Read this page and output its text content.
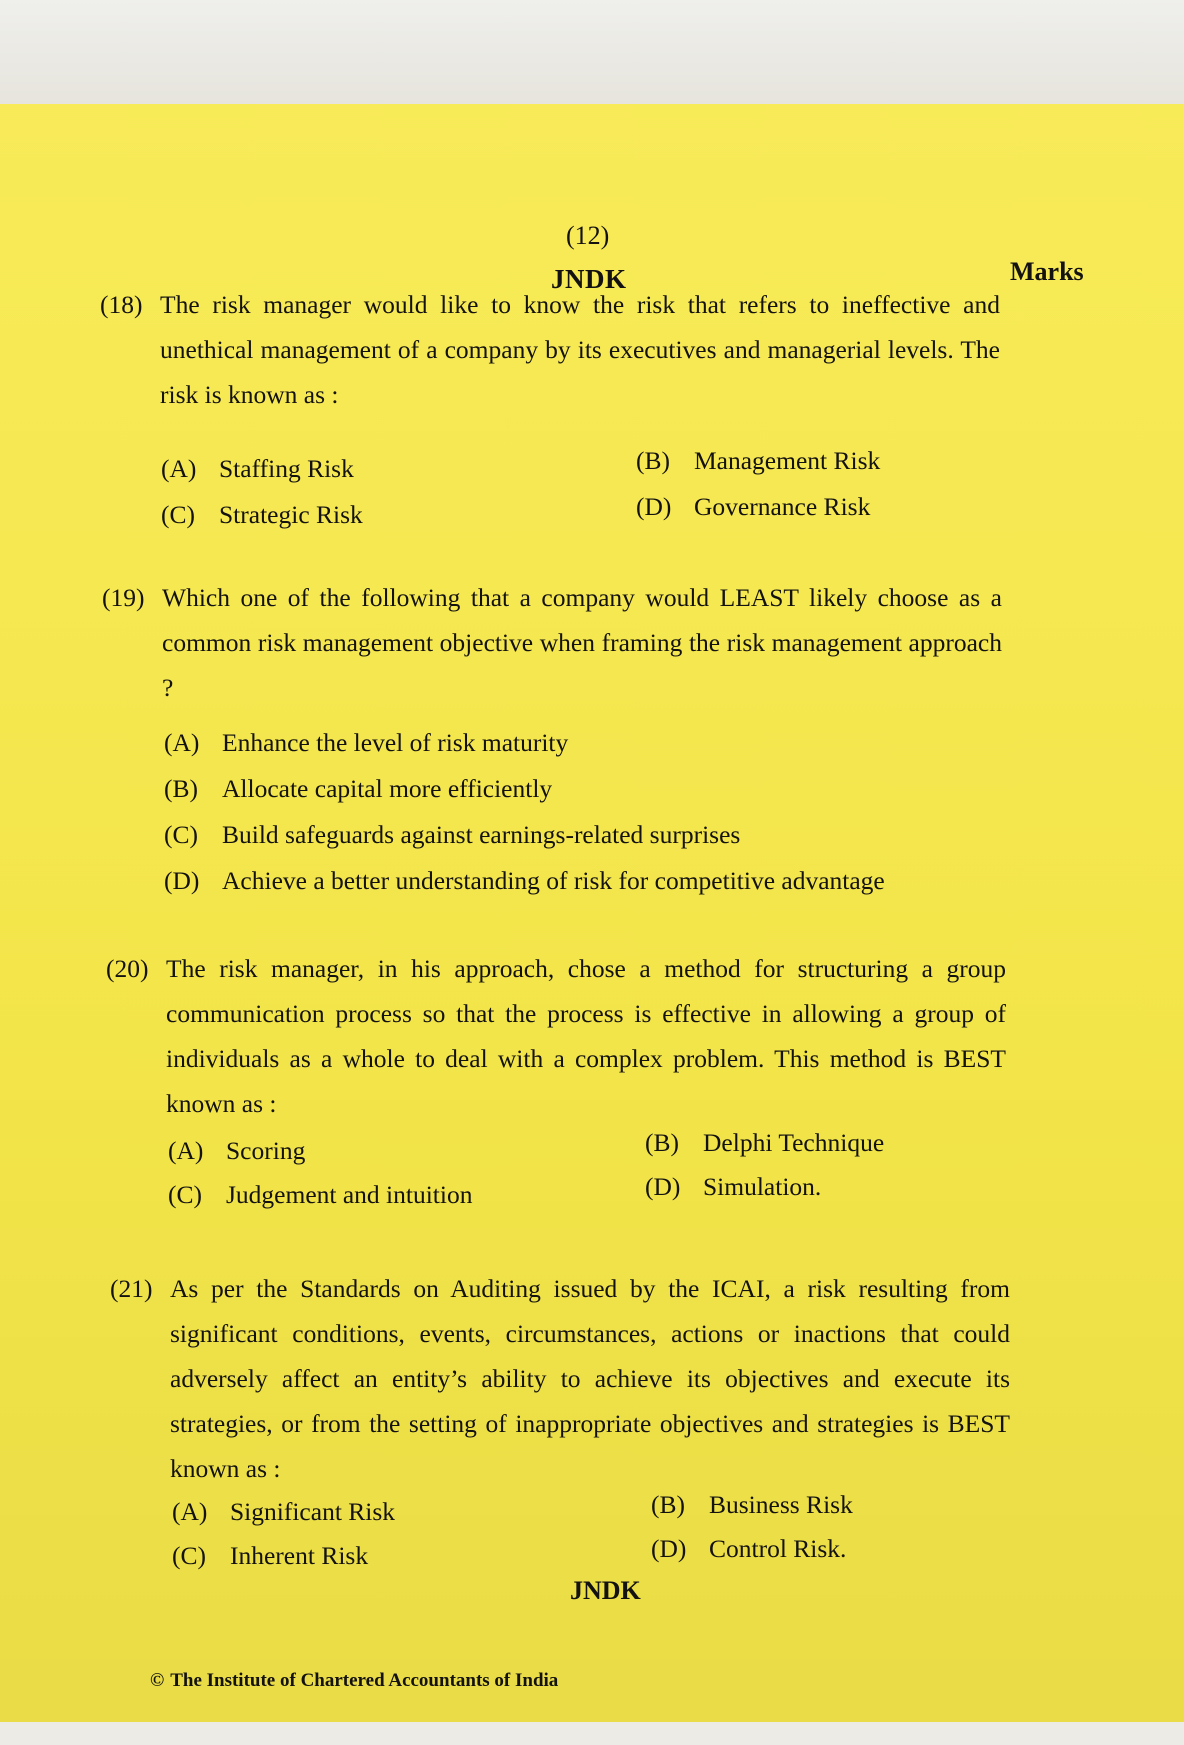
(12)
JNDK	Marks
(18) The risk manager would like to know the risk that refers to ineffective and unethical management of a company by its executives and managerial levels. The risk is known as :
(A) Staffing Risk	(B) Management Risk
(C) Strategic Risk	(D) Governance Risk
(19) Which one of the following that a company would LEAST likely choose as a common risk management objective when framing the risk management approach ?
(A) Enhance the level of risk maturity
(B) Allocate capital more efficiently
(C) Build safeguards against earnings-related surprises
(D) Achieve a better understanding of risk for competitive advantage
(20) The risk manager, in his approach, chose a method for structuring a group communication process so that the process is effective in allowing a group of individuals as a whole to deal with a complex problem. This method is BEST known as :
(A) Scoring	(B) Delphi Technique
(C) Judgement and intuition	(D) Simulation.
(21) As per the Standards on Auditing issued by the ICAI, a risk resulting from significant conditions, events, circumstances, actions or inactions that could adversely affect an entity’s ability to achieve its objectives and execute its strategies, or from the setting of inappropriate objectives and strategies is BEST known as :
(A) Significant Risk	(B) Business Risk
(C) Inherent Risk	(D) Control Risk.
JNDK
© The Institute of Chartered Accountants of India
